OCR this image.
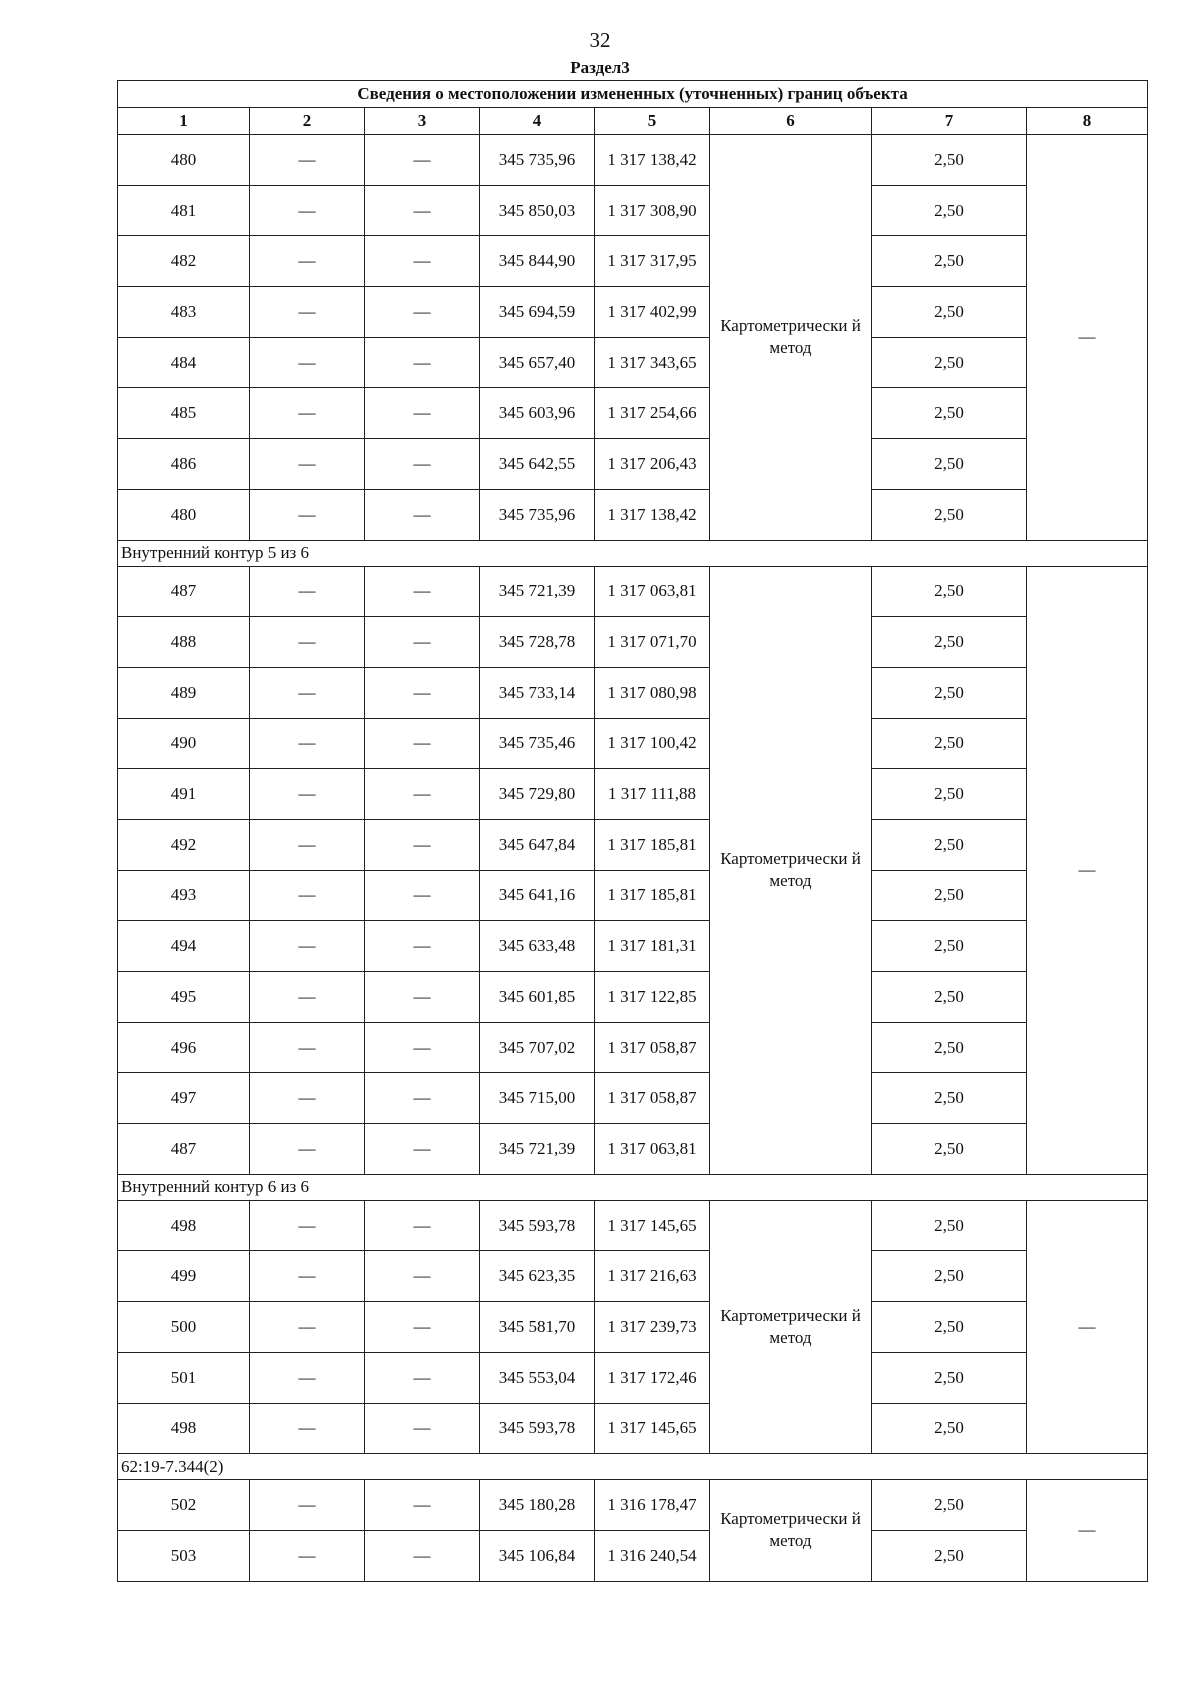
32
Раздел3
Сведения о местоположении измененных (уточненных) границ объекта							
1	2	3	4	5	6	7	8
480	—	—	345 735,96	1 317 138,42	Картометрически й метод	2,50	—
481	—	—	345 850,03	1 317 308,90		2,50	
482	—	—	345 844,90	1 317 317,95		2,50	
483	—	—	345 694,59	1 317 402,99		2,50	
484	—	—	345 657,40	1 317 343,65		2,50	
485	—	—	345 603,96	1 317 254,66		2,50	
486	—	—	345 642,55	1 317 206,43		2,50	
480	—	—	345 735,96	1 317 138,42		2,50	
Внутренний контур 5 из 6							
487	—	—	345 721,39	1 317 063,81	Картометрически й метод	2,50	—
488	—	—	345 728,78	1 317 071,70		2,50	
489	—	—	345 733,14	1 317 080,98		2,50	
490	—	—	345 735,46	1 317 100,42		2,50	
491	—	—	345 729,80	1 317 111,88		2,50	
492	—	—	345 647,84	1 317 185,81		2,50	
493	—	—	345 641,16	1 317 185,81		2,50	
494	—	—	345 633,48	1 317 181,31		2,50	
495	—	—	345 601,85	1 317 122,85		2,50	
496	—	—	345 707,02	1 317 058,87		2,50	
497	—	—	345 715,00	1 317 058,87		2,50	
487	—	—	345 721,39	1 317 063,81		2,50	
Внутренний контур 6 из 6							
498	—	—	345 593,78	1 317 145,65	Картометрически й метод	2,50	—
499	—	—	345 623,35	1 317 216,63		2,50	
500	—	—	345 581,70	1 317 239,73		2,50	
501	—	—	345 553,04	1 317 172,46		2,50	
498	—	—	345 593,78	1 317 145,65		2,50	
62:19-7.344(2)							
502	—	—	345 180,28	1 316 178,47	Картометрически й метод	2,50	—
503	—	—	345 106,84	1 316 240,54		2,50	
